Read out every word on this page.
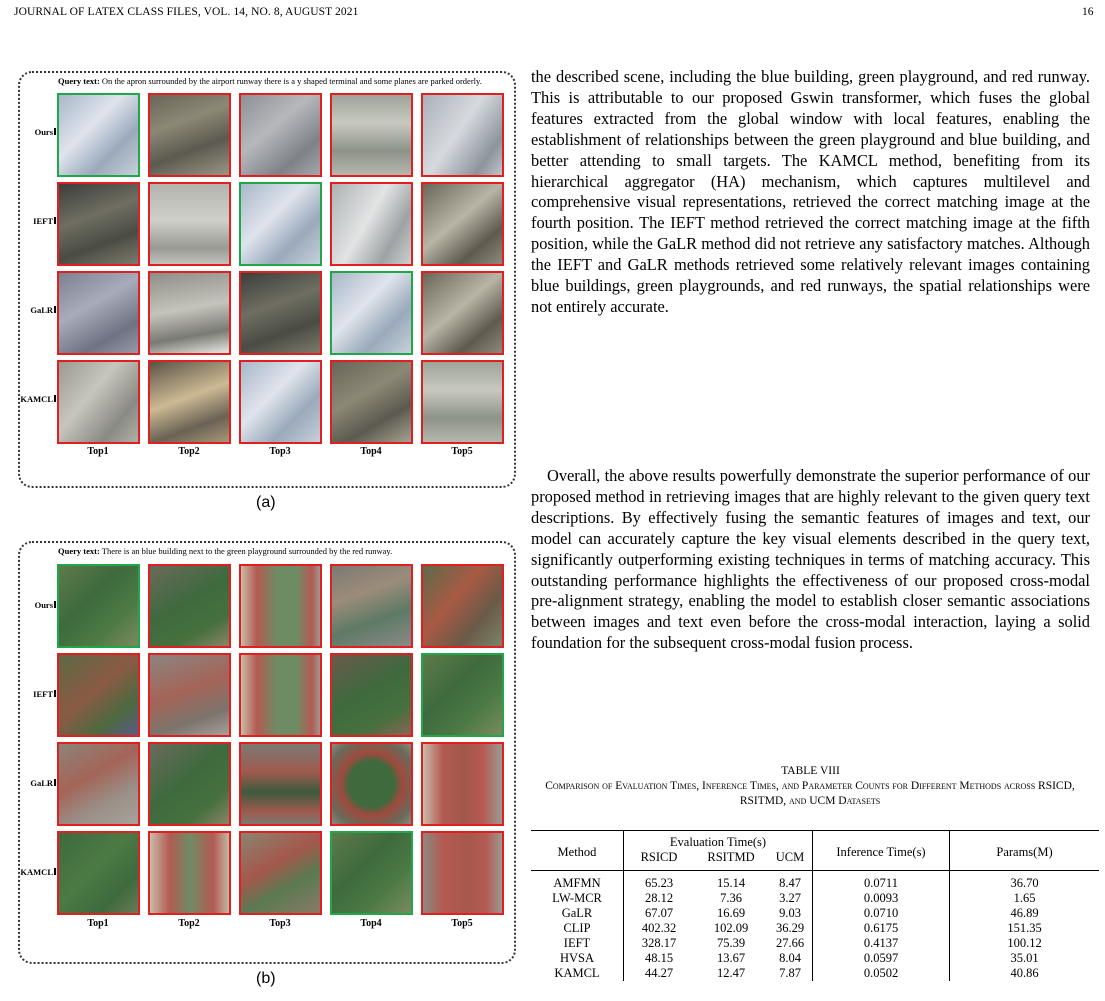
JOURNAL OF LATEX CLASS FILES, VOL. 14, NO. 8, AUGUST 2021	16
Query text: On the apron surrounded by the airport runway there is a y shaped terminal and some planes are parked orderly.
Ours
IEFT
GaLR
KAMCL
Top1	Top2	Top3	Top4	Top5
(a)
Query text: There is an blue building next to the green playground surrounded by the red runway.
Ours
IEFT
GaLR
KAMCL
Top1	Top2	Top3	Top4	Top5
(b)
the described scene, including the blue building, green playground, and red runway. This is attributable to our proposed Gswin transformer, which fuses the global features extracted from the global window with local features, enabling the establishment of relationships between the green playground and blue building, and better attending to small targets. The KAMCL method, benefiting from its hierarchical aggregator (HA) mechanism, which captures multilevel and comprehensive visual representations, retrieved the correct matching image at the fourth position. The IEFT method retrieved the correct matching image at the fifth position, while the GaLR method did not retrieve any satisfactory matches. Although the IEFT and GaLR methods retrieved some relatively relevant images containing blue buildings, green playgrounds, and red runways, the spatial relationships were not entirely accurate.
Overall, the above results powerfully demonstrate the superior performance of our proposed method in retrieving images that are highly relevant to the given query text descriptions. By effectively fusing the semantic features of images and text, our model can accurately capture the key visual elements described in the query text, significantly outperforming existing techniques in terms of matching accuracy. This outstanding performance highlights the effectiveness of our proposed cross-modal pre-alignment strategy, enabling the model to establish closer semantic associations between images and text even before the cross-modal interaction, laying a solid foundation for the subsequent cross-modal fusion process.
TABLE VIII
Comparison of Evaluation Times, Inference Times, and Parameter Counts for Different Methods across RSICD, RSITMD, and UCM Datasets
Method	Evaluation Time(s)			Inference Time(s)	Params(M)
	RSICD	RSITMD	UCM		
AMFMN	65.23	15.14	8.47	0.0711	36.70
LW-MCR	28.12	7.36	3.27	0.0093	1.65
GaLR	67.07	16.69	9.03	0.0710	46.89
CLIP	402.32	102.09	36.29	0.6175	151.35
IEFT	328.17	75.39	27.66	0.4137	100.12
HVSA	48.15	13.67	8.04	0.0597	35.01
KAMCL	44.27	12.47	7.87	0.0502	40.86
